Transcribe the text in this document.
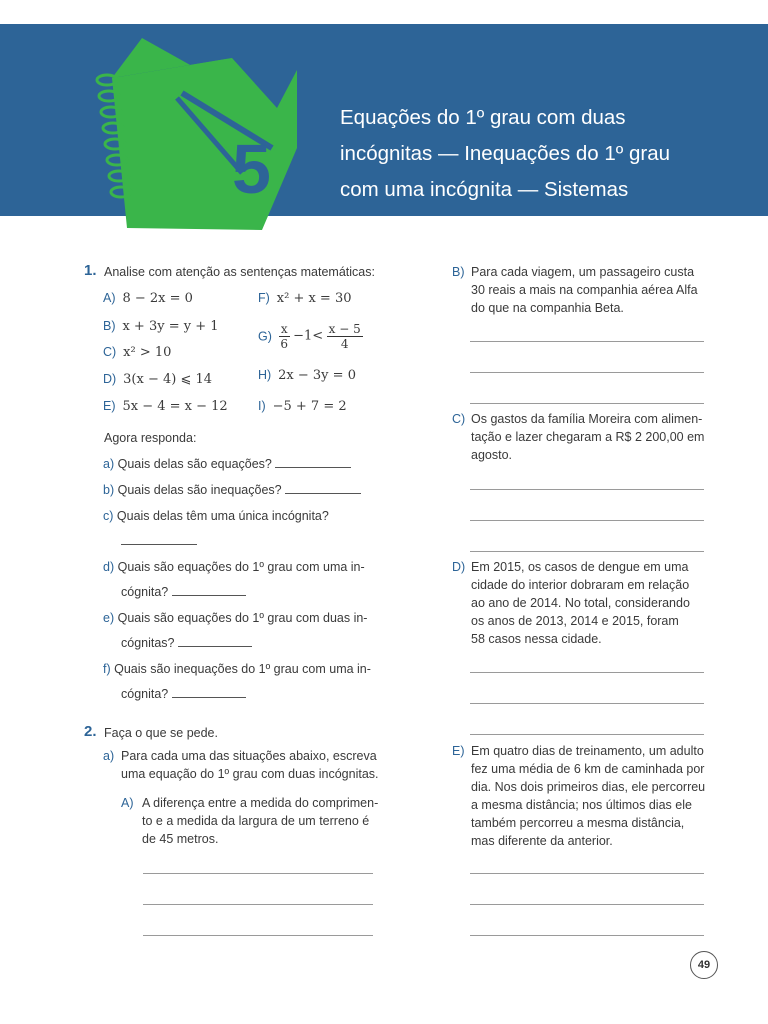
5
Equações do 1º grau com duas
incógnitas — Inequações do 1º grau
com uma incógnita — Sistemas
1. Analise com atenção as sentenças matemáticas:
A) 8 − 2x = 0
B) x + 3y = y + 1
C) x² > 10
D) 3(x − 4) ⩽ 14
E) 5x − 4 = x − 12
F) x² + x = 30
$G) \frac{x}{6} -1< \frac{x - 5}{4}$
H) 2x − 3y = 0
I) −5 + 7 = 2
Agora responda:
a) Quais delas são equações?
b) Quais delas são inequações?
c) Quais delas têm uma única incógnita?
d) Quais são equações do 1º grau com uma in-
cógnita?
e) Quais são equações do 1º grau com duas in-
cógnitas?
f) Quais são inequações do 1º grau com uma in-
cógnita?
2. Faça o que se pede.
a) Para cada uma das situações abaixo, escreva
uma equação do 1º grau com duas incógnitas.
A) A diferença entre a medida do comprimen-
to e a medida da largura de um terreno é
de 45 metros.
B) Para cada viagem, um passageiro custa
30 reais a mais na companhia aérea Alfa
do que na companhia Beta.
C) Os gastos da família Moreira com alimen-
tação e lazer chegaram a R$ 2 200,00 em
agosto.
D) Em 2015, os casos de dengue em uma
cidade do interior dobraram em relação
ao ano de 2014. No total, considerando
os anos de 2013, 2014 e 2015, foram
58 casos nessa cidade.
E) Em quatro dias de treinamento, um adulto
fez uma média de 6 km de caminhada por
dia. Nos dois primeiros dias, ele percorreu
a mesma distância; nos últimos dias ele
também percorreu a mesma distância,
mas diferente da anterior.
49
